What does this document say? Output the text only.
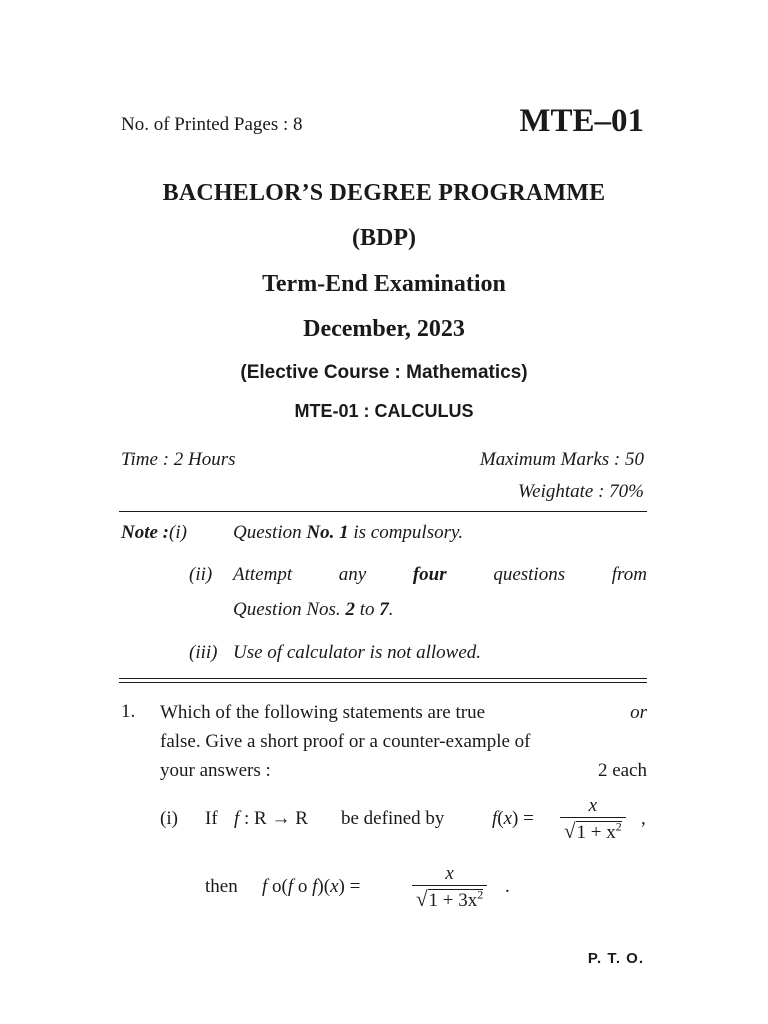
No. of Printed Pages : 8	MTE–01
BACHELOR’S DEGREE PROGRAMME
(BDP)
Term-End Examination
December, 2023
(Elective Course : Mathematics)
MTE-01 : CALCULUS
Time : 2 Hours	Maximum Marks : 50
Weightate : 70%
Note :(i) Question No. 1 is compulsory.
(ii) Attempt any four questions from
Question Nos. 2 to 7.
(iii) Use of calculator is not allowed.
1. Which of the following statements are true	or
false. Give a short proof or a counter-example of
your answers :	2 each
(i) If f : R → R be defined by	$f(x) = \frac{x}{√1 + x^2}$ ,
then f o(f o f)(x) =	$\frac{x}{√1 + 3x^2}$ .
P. T. O.
